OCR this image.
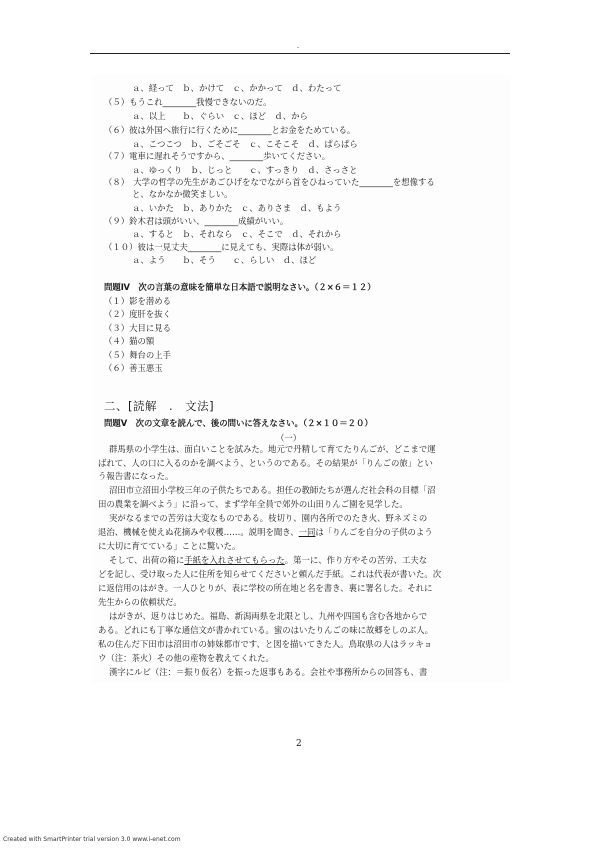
-
ａ、経って　ｂ、かけて　ｃ、かかって　ｄ、わたって
（５）もうこれ________我慢できないのだ。
ａ、以上　　ｂ、ぐらい　ｃ、ほど　ｄ、から
（６）彼は外国へ旅行に行くために________とお金をためている。
ａ、こつこつ　ｂ、ごそごそ　ｃ、こそこそ　ｄ、ぱらぱら
（７）電車に遅れそうですから、________歩いてください。
ａ、ゆっくり　ｂ、じっと　　ｃ、すっきり　ｄ、さっさと
（８）　大学の哲学の先生があごひげをなでながら首をひねっていた________を想像する
と、なかなか微笑ましい。
ａ、いかた　ｂ、ありかた　ｃ、ありさま　ｄ、もよう
（９）鈴木君は頭がいい、________成績がいい。
ａ、すると　ｂ、それなら　ｃ、そこで　ｄ、それから
（１０）彼は一見丈夫________に見えても、実際は体が弱い。
ａ、よう　　ｂ、そう　　ｃ、らしい　ｄ、ほど
問題Ⅳ　次の言葉の意味を簡単な日本語で説明なさい。（２×６＝１２）
（１）影を潜める
（２）度肝を抜く
（３）大目に見る
（４）猫の額
（５）舞台の上手
（６）善玉悪玉
二、[読解　.　文法]
問題Ⅴ　次の文章を読んで、後の問いに答えなさい。（２×１０＝２０）
（一）
群馬県の小学生は、面白いことを試みた。地元で丹精して育てたりんごが、どこまで運
ばれて、人の口に入るのかを調べよう、というのである。その結果が「りんごの旅」とい
う報告書になった。
沼田市立沼田小学校三年の子供たちである。担任の教師たちが選んだ社会科の目標「沼
田の農業を調べよう」に沿って、まず学年全員で郊外の山田りんご園を見学した。
実がなるまでの苦労は大変なものである。枝切り、園内各所でのたき火、野ネズミの
退治、機械を使えぬ花摘みや収穫……。説明を聞き、一同は「りんごを自分の子供のよう
に大切に育てている」ことに驚いた。
そして、出荷の箱に手紙を入れさせてもらった。第一に、作り方やその苦労、工夫な
どを記し、受け取った人に住所を知らせてくださいと頼んだ手紙。これは代表が書いた。次
に返信用のはがき。一人ひとりが、表に学校の所在地と名を書き、裏に署名した。それに
先生からの依頼状だ。
はがきが、返りはじめた。福島、新潟両県を北限とし、九州や四国も含む各地からで
ある。どれにも丁寧な通信文が書かれている。蜜のはいたりんごの味に故郷をしのぶ人。
私の住んだ下田市は沼田市の姉妹都市です、と図を描いてきた人。鳥取県の人はラッキョ
ウ（注：茶火）その他の産物を教えてくれた。
漢字にルビ（注：＝振り仮名）を振った返事もある。会社や事務所からの回答も、書
2
Created with SmartPrinter trial version 3.0 www.i-enet.com
